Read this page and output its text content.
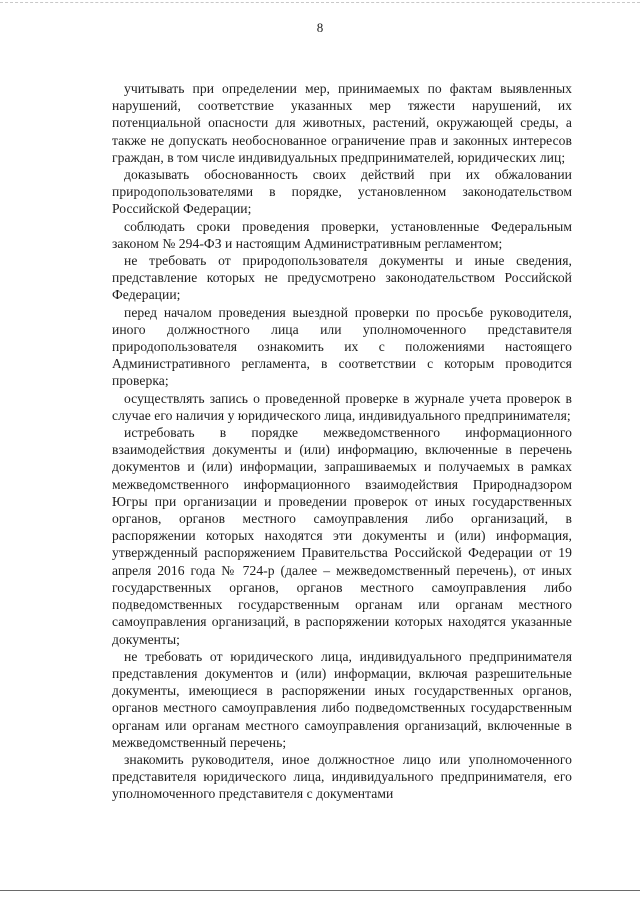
8

учитывать при определении мер, принимаемых по фактам выявленных нарушений, соответствие указанных мер тяжести нарушений, их потенциальной опасности для животных, растений, окружающей среды, а также не допускать необоснованное ограничение прав и законных интересов граждан, в том числе индивидуальных предпринимателей, юридических лиц;

доказывать обоснованность своих действий при их обжаловании природопользователями в порядке, установленном законодательством Российской Федерации;

соблюдать сроки проведения проверки, установленные Федеральным законом № 294-ФЗ и настоящим Административным регламентом;

не требовать от природопользователя документы и иные сведения, представление которых не предусмотрено законодательством Российской Федерации;

перед началом проведения выездной проверки по просьбе руководителя, иного должностного лица или уполномоченного представителя природопользователя ознакомить их с положениями настоящего Административного регламента, в соответствии с которым проводится проверка;

осуществлять запись о проведенной проверке в журнале учета проверок в случае его наличия у юридического лица, индивидуального предпринимателя;

истребовать в порядке межведомственного информационного взаимодействия документы и (или) информацию, включенные в перечень документов и (или) информации, запрашиваемых и получаемых в рамках межведомственного информационного взаимодействия Природнадзором Югры при организации и проведении проверок от иных государственных органов, органов местного самоуправления либо организаций, в распоряжении которых находятся эти документы и (или) информация, утвержденный распоряжением Правительства Российской Федерации от 19 апреля 2016 года № 724-р (далее – межведомственный перечень), от иных государственных органов, органов местного самоуправления либо подведомственных государственным органам или органам местного самоуправления организаций, в распоряжении которых находятся указанные документы;

не требовать от юридического лица, индивидуального предпринимателя представления документов и (или) информации, включая разрешительные документы, имеющиеся в распоряжении иных государственных органов, органов местного самоуправления либо подведомственных государственным органам или органам местного самоуправления организаций, включенные в межведомственный перечень;

знакомить руководителя, иное должностное лицо или уполномоченного представителя юридического лица, индивидуального предпринимателя, его уполномоченного представителя с документами
